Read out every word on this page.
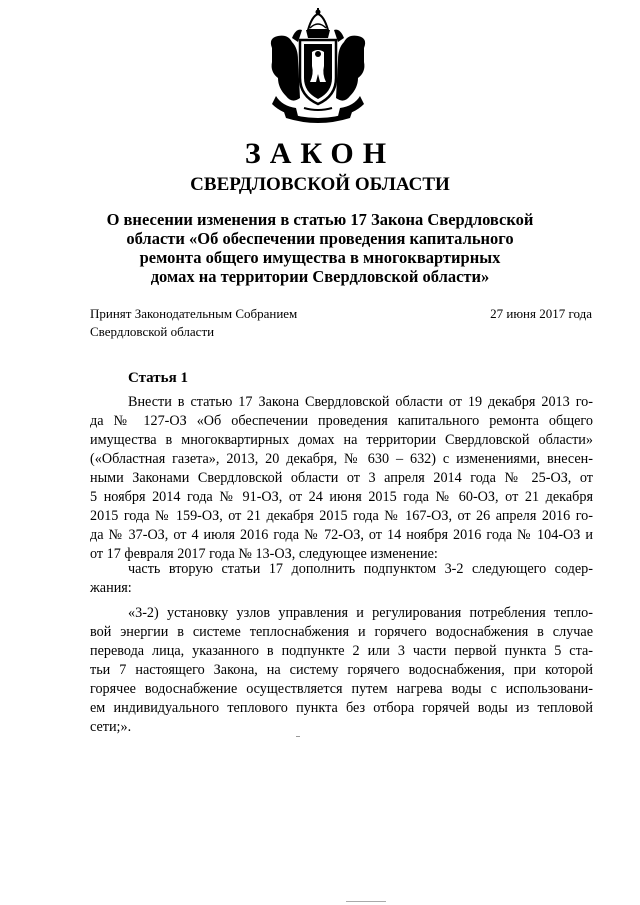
ЗАКОН
СВЕРДЛОВСКОЙ ОБЛАСТИ
О внесении изменения в статью 17 Закона Свердловской
области «Об обеспечении проведения капитального
ремонта общего имущества в многоквартирных
домах на территории Свердловской области»
Принят Законодательным Собранием
Свердловской области
27 июня 2017 года
Статья 1
Внести в статью 17 Закона Свердловской области от 19 декабря 2013 го-
да № 127-ОЗ «Об обеспечении проведения капитального ремонта общего
имущества в многоквартирных домах на территории Свердловской области»
(«Областная газета», 2013, 20 декабря, № 630 – 632) с изменениями, внесен-
ными Законами Свердловской области от 3 апреля 2014 года № 25-ОЗ, от
5 ноября 2014 года № 91-ОЗ, от 24 июня 2015 года № 60-ОЗ, от 21 декабря
2015 года № 159-ОЗ, от 21 декабря 2015 года № 167-ОЗ, от 26 апреля 2016 го-
да № 37-ОЗ, от 4 июля 2016 года № 72-ОЗ, от 14 ноября 2016 года № 104-ОЗ и
от 17 февраля 2017 года № 13-ОЗ, следующее изменение:
часть вторую статьи 17 дополнить подпунктом 3-2 следующего содер-
жания:
«3-2) установку узлов управления и регулирования потребления тепло-
вой энергии в системе теплоснабжения и горячего водоснабжения в случае
перевода лица, указанного в подпункте 2 или 3 части первой пункта 5 ста-
тьи 7 настоящего Закона, на систему горячего водоснабжения, при которой
горячее водоснабжение осуществляется путем нагрева воды с использовани-
ем индивидуального теплового пункта без отбора горячей воды из тепловой
сети;».
